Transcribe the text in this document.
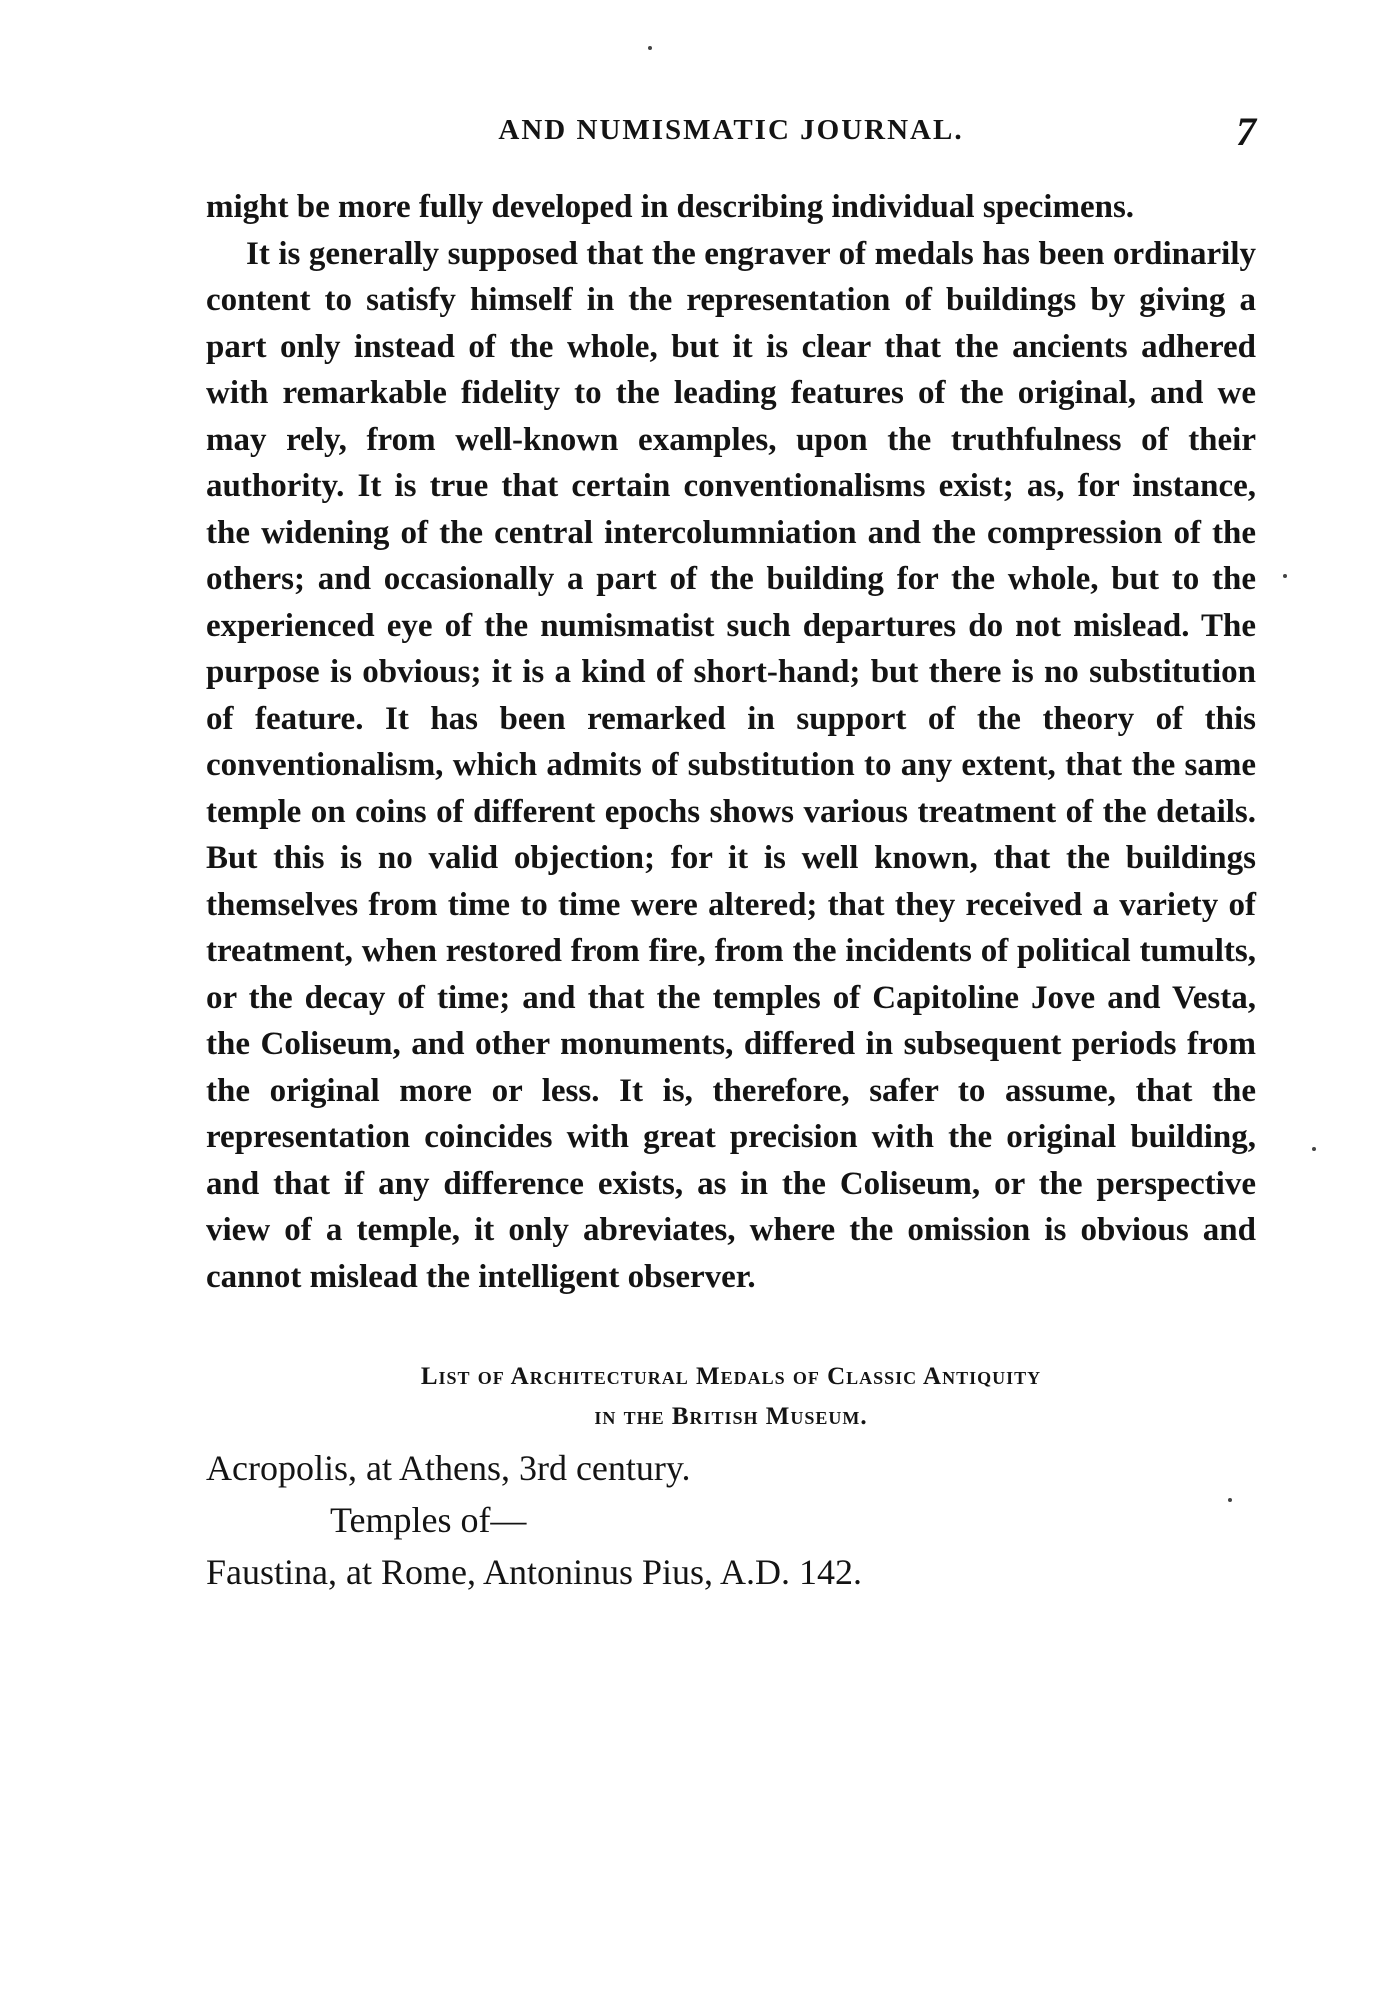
AND NUMISMATIC JOURNAL.	7

might be more fully developed in describing individual specimens.

It is generally supposed that the engraver of medals has been ordinarily content to satisfy himself in the representation of buildings by giving a part only instead of the whole, but it is clear that the ancients adhered with remarkable fidelity to the leading features of the original, and we may rely, from well-known examples, upon the truthfulness of their authority. It is true that certain conventionalisms exist; as, for instance, the widening of the central intercolumniation and the compression of the others; and occasionally a part of the building for the whole, but to the experienced eye of the numismatist such departures do not mislead. The purpose is obvious; it is a kind of short-hand; but there is no substitution of feature. It has been remarked in support of the theory of this conventionalism, which admits of substitution to any extent, that the same temple on coins of different epochs shows various treatment of the details. But this is no valid objection; for it is well known, that the buildings themselves from time to time were altered; that they received a variety of treatment, when restored from fire, from the incidents of political tumults, or the decay of time; and that the temples of Capitoline Jove and Vesta, the Coliseum, and other monuments, differed in subsequent periods from the original more or less. It is, therefore, safer to assume, that the representation coincides with great precision with the original building, and that if any difference exists, as in the Coliseum, or the perspective view of a temple, it only abreviates, where the omission is obvious and cannot mislead the intelligent observer.

List of Architectural Medals of Classic Antiquity
in the British Museum.
Acropolis, at Athens, 3rd century.
Temples of—
Faustina, at Rome, Antoninus Pius, A.D. 142.
